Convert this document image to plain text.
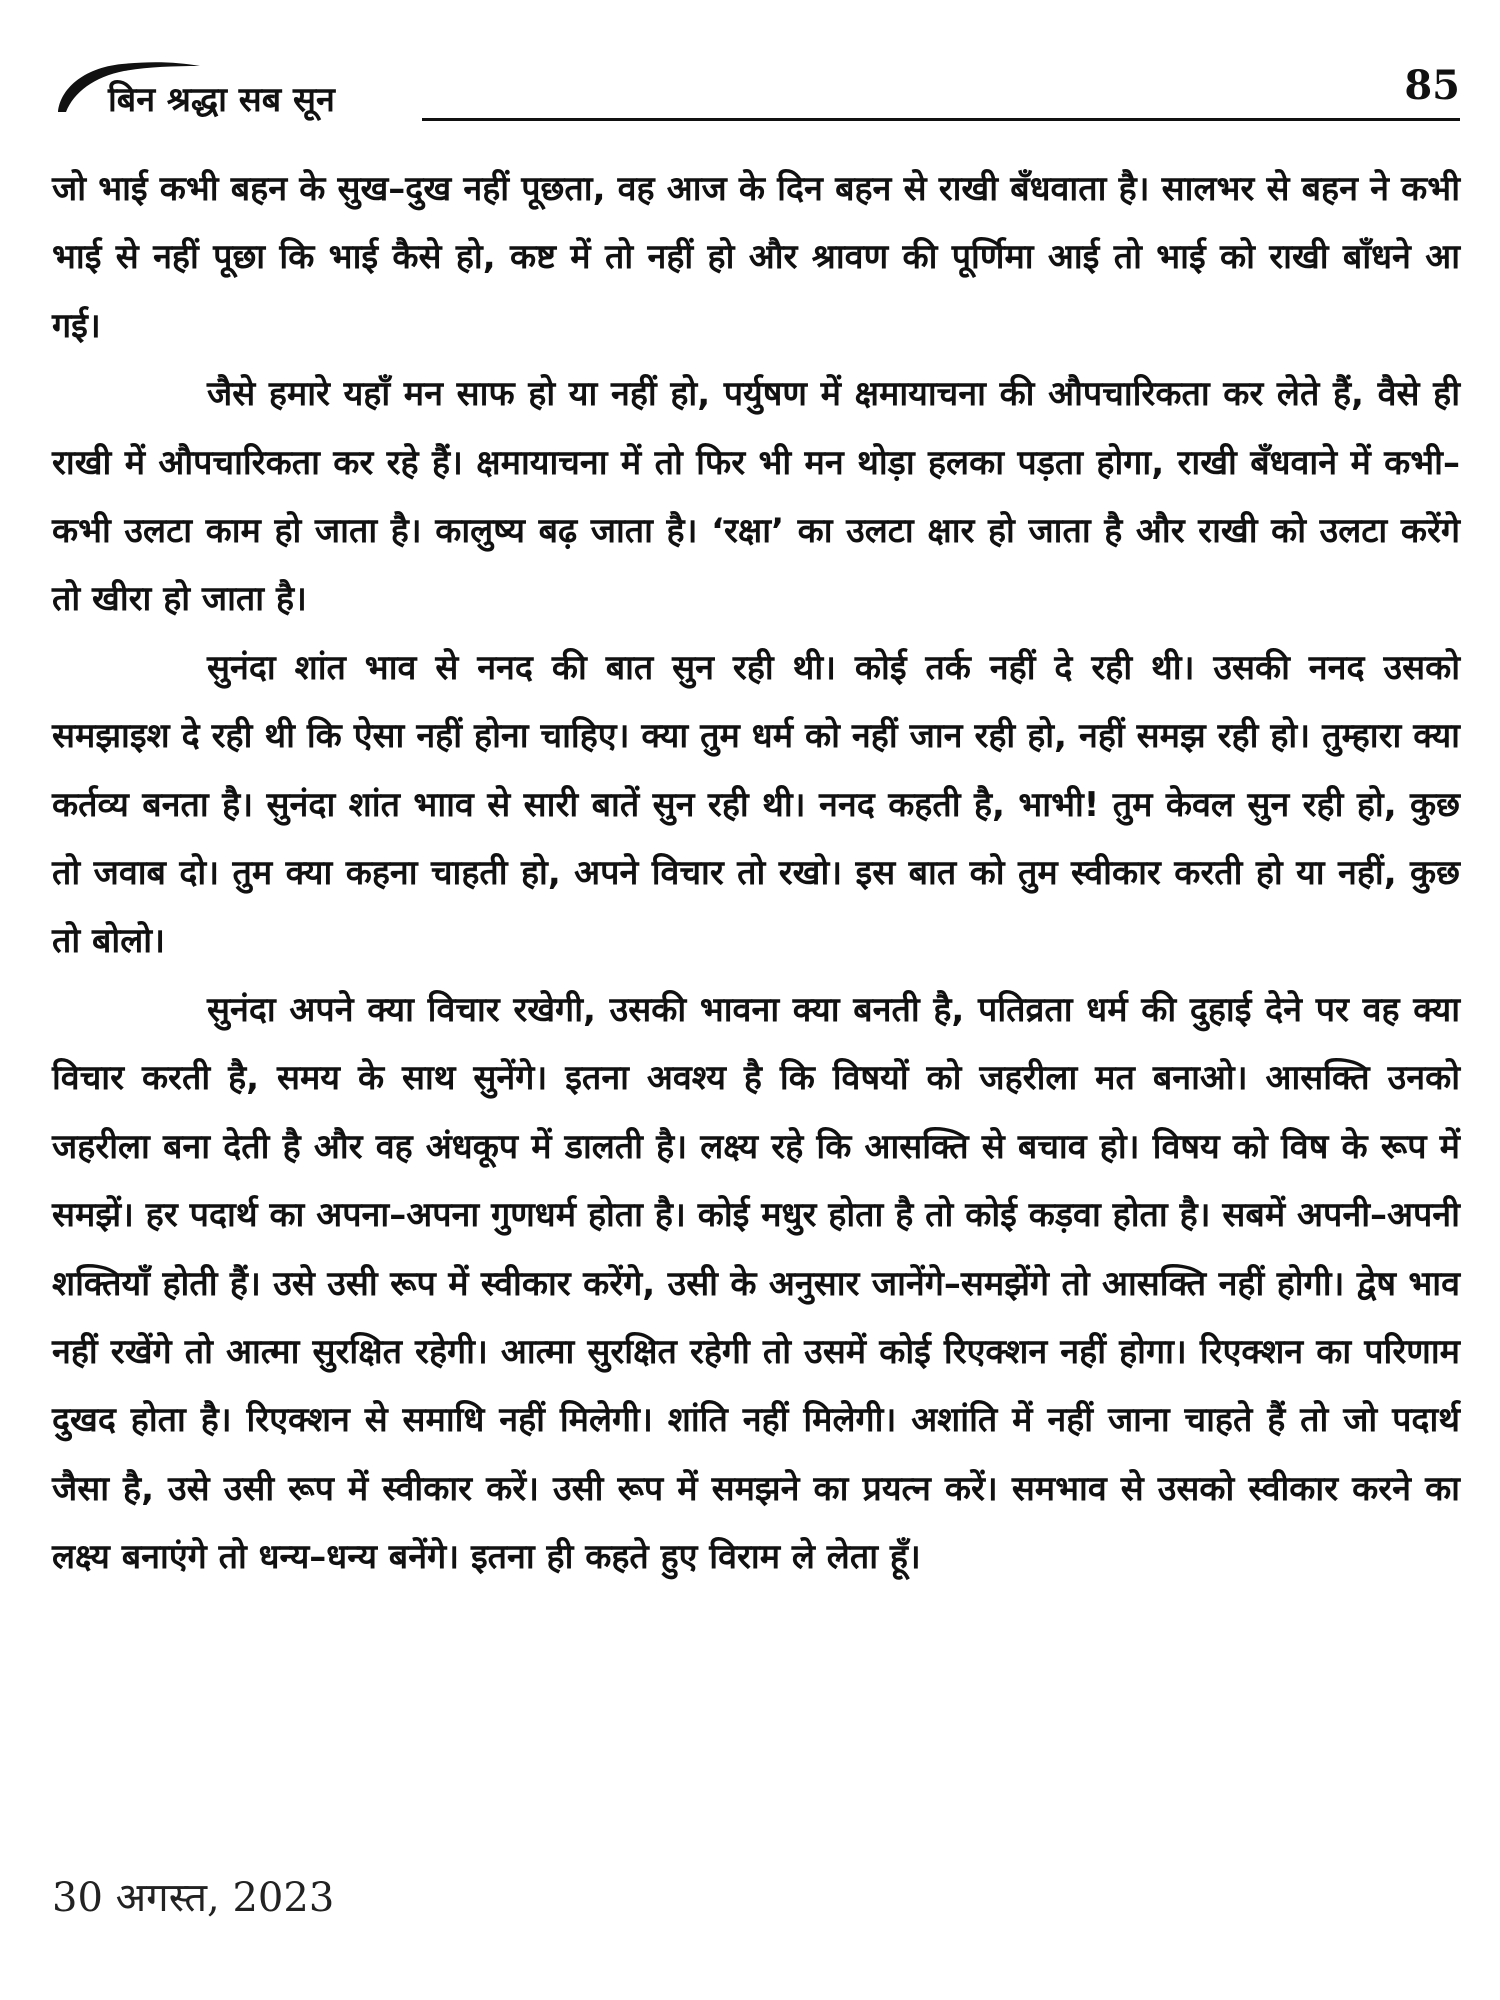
बिन श्रद्धा सब सून	85

जो भाई कभी बहन के सुख–दुख नहीं पूछता, वह आज के दिन बहन से राखी बँधवाता है। सालभर से बहन ने कभी भाई से नहीं पूछा कि भाई कैसे हो, कष्ट में तो नहीं हो और श्रावण की पूर्णिमा आई तो भाई को राखी बाँधने आ गई।

जैसे हमारे यहाँ मन साफ हो या नहीं हो, पर्युषण में क्षमायाचना की औपचारिकता कर लेते हैं, वैसे ही राखी में औपचारिकता कर रहे हैं। क्षमायाचना में तो फिर भी मन थोड़ा हलका पड़ता होगा, राखी बँधवाने में कभी–कभी उलटा काम हो जाता है। कालुष्य बढ़ जाता है। ‘रक्षा’ का उलटा क्षार हो जाता है और राखी को उलटा करेंगे तो खीरा हो जाता है।

सुनंदा शांत भाव से ननद की बात सुन रही थी। कोई तर्क नहीं दे रही थी। उसकी ननद उसको समझाइश दे रही थी कि ऐसा नहीं होना चाहिए। क्या तुम धर्म को नहीं जान रही हो, नहीं समझ रही हो। तुम्हारा क्या कर्तव्य बनता है। सुनंदा शांत भााव से सारी बातें सुन रही थी। ननद कहती है, भाभी! तुम केवल सुन रही हो, कुछ तो जवाब दो। तुम क्या कहना चाहती हो, अपने विचार तो रखो। इस बात को तुम स्वीकार करती हो या नहीं, कुछ तो बोलो।

सुनंदा अपने क्या विचार रखेगी, उसकी भावना क्या बनती है, पतिव्रता धर्म की दुहाई देने पर वह क्या विचार करती है, समय के साथ सुनेंगे। इतना अवश्य है कि विषयों को जहरीला मत बनाओ। आसक्ति उनको जहरीला बना देती है और वह अंधकूप में डालती है। लक्ष्य रहे कि आसक्ति से बचाव हो। विषय को विष के रूप में समझें। हर पदार्थ का अपना–अपना गुणधर्म होता है। कोई मधुर होता है तो कोई कड़वा होता है। सबमें अपनी–अपनी शक्तियाँ होती हैं। उसे उसी रूप में स्वीकार करेंगे, उसी के अनुसार जानेंगे–समझेंगे तो आसक्ति नहीं होगी। द्वेष भाव नहीं रखेंगे तो आत्मा सुरक्षित रहेगी। आत्मा सुरक्षित रहेगी तो उसमें कोई रिएक्शन नहीं होगा। रिएक्शन का परिणाम दुखद होता है। रिएक्शन से समाधि नहीं मिलेगी। शांति नहीं मिलेगी। अशांति में नहीं जाना चाहते हैं तो जो पदार्थ जैसा है, उसे उसी रूप में स्वीकार करें। उसी रूप में समझने का प्रयत्न करें। समभाव से उसको स्वीकार करने का लक्ष्य बनाएंगे तो धन्य–धन्य बनेंगे। इतना ही कहते हुए विराम ले लेता हूँ।

30 अगस्त, 2023
